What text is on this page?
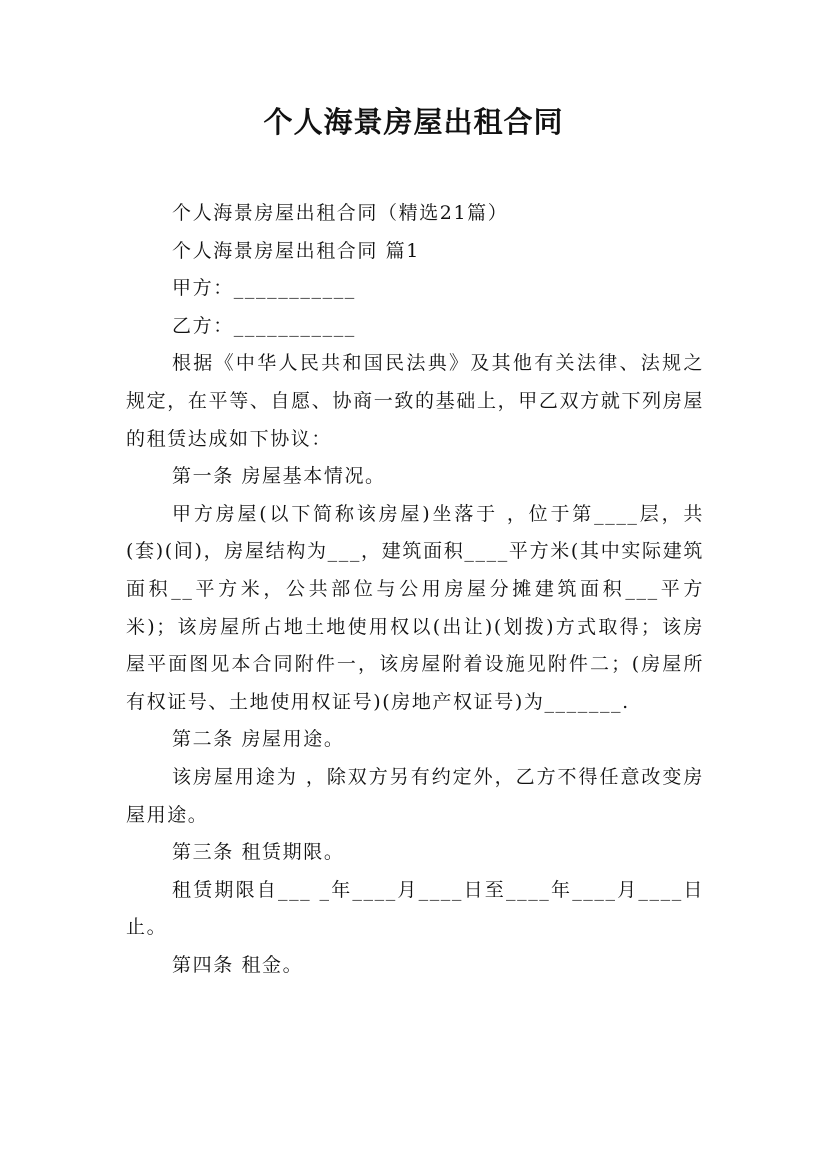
个人海景房屋出租合同

个人海景房屋出租合同（精选21篇）

个人海景房屋出租合同 篇1

甲方：___________

乙方：___________

根据《中华人民共和国民法典》及其他有关法律、法规之规定，在平等、自愿、协商一致的基础上，甲乙双方就下列房屋的租赁达成如下协议：

第一条 房屋基本情况。

甲方房屋(以下简称该房屋)坐落于 ，位于第____层，共 (套)(间)，房屋结构为___，建筑面积____平方米(其中实际建筑面积__平方米，公共部位与公用房屋分摊建筑面积___平方米)；该房屋所占地土地使用权以(出让)(划拨)方式取得；该房屋平面图见本合同附件一，该房屋附着设施见附件二；(房屋所有权证号、土地使用权证号)(房地产权证号)为_______.

第二条 房屋用途。

该房屋用途为 ，除双方另有约定外，乙方不得任意改变房屋用途。

第三条 租赁期限。

租赁期限自___ _年____月____日至____年____月____日止。

第四条 租金。
